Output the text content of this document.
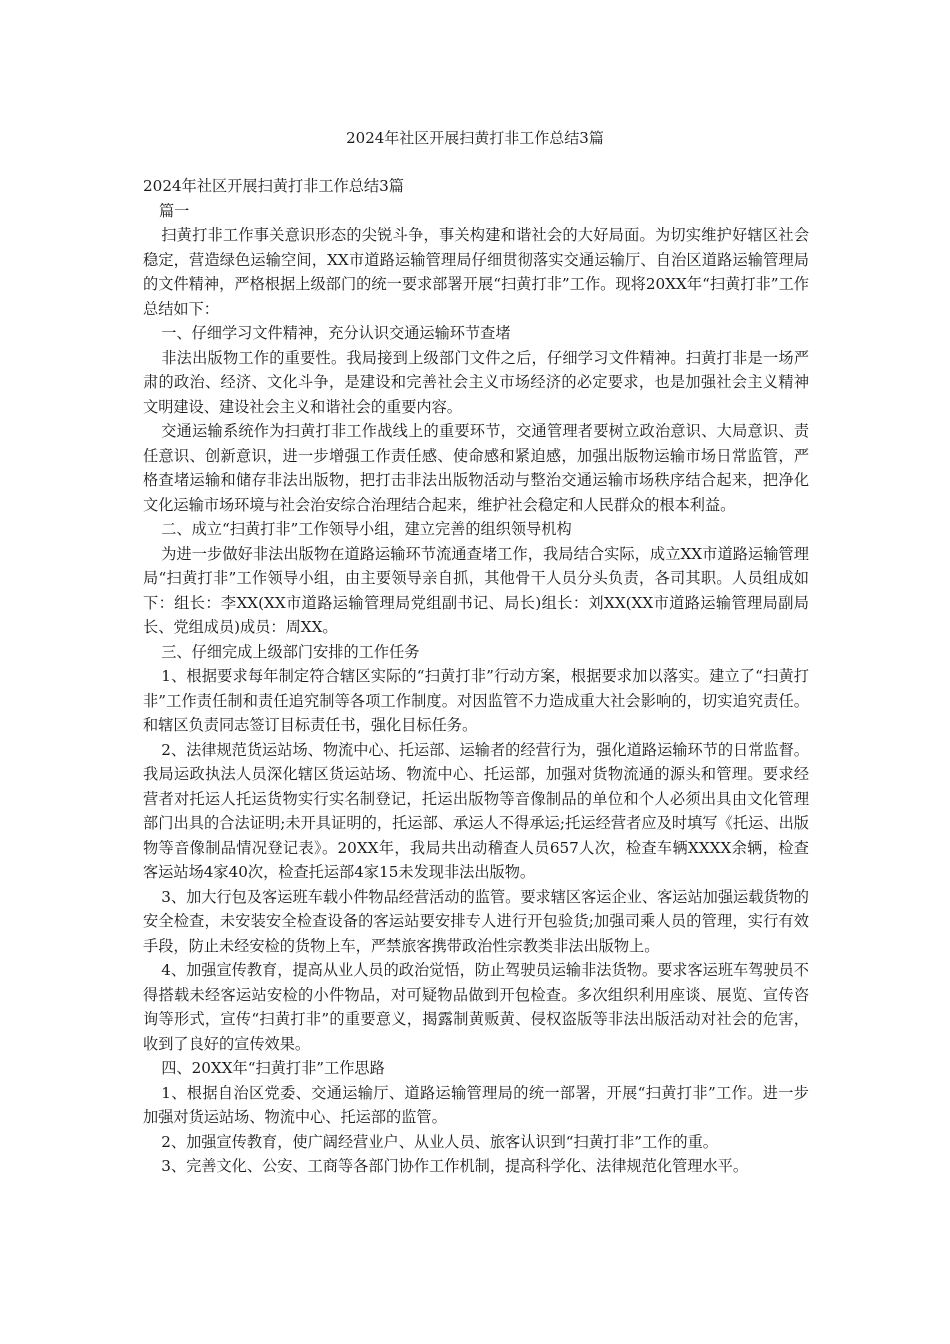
2024年社区开展扫黄打非工作总结3篇

2024年社区开展扫黄打非工作总结3篇

篇一

扫黄打非工作事关意识形态的尖锐斗争，事关构建和谐社会的大好局面。为切实维护好辖区社会稳定，营造绿色运输空间，XX市道路运输管理局仔细贯彻落实交通运输厅、自治区道路运输管理局的文件精神，严格根据上级部门的统一要求部署开展“扫黄打非”工作。现将20XX年“扫黄打非”工作总结如下：

一、仔细学习文件精神，充分认识交通运输环节查堵

非法出版物工作的重要性。我局接到上级部门文件之后，仔细学习文件精神。扫黄打非是一场严肃的政治、经济、文化斗争，是建设和完善社会主义市场经济的必定要求，也是加强社会主义精神文明建设、建设社会主义和谐社会的重要内容。

交通运输系统作为扫黄打非工作战线上的重要环节，交通管理者要树立政治意识、大局意识、责任意识、创新意识，进一步增强工作责任感、使命感和紧迫感，加强出版物运输市场日常监管，严格查堵运输和储存非法出版物，把打击非法出版物活动与整治交通运输市场秩序结合起来，把净化文化运输市场环境与社会治安综合治理结合起来，维护社会稳定和人民群众的根本利益。

二、成立“扫黄打非”工作领导小组，建立完善的组织领导机构

为进一步做好非法出版物在道路运输环节流通查堵工作，我局结合实际，成立XX市道路运输管理局“扫黄打非”工作领导小组，由主要领导亲自抓，其他骨干人员分头负责，各司其职。人员组成如下：组长：李XX(XX市道路运输管理局党组副书记、局长)组长：刘XX(XX市道路运输管理局副局长、党组成员)成员：周XX。

三、仔细完成上级部门安排的工作任务

1、根据要求每年制定符合辖区实际的“扫黄打非”行动方案，根据要求加以落实。建立了“扫黄打非”工作责任制和责任追究制等各项工作制度。对因监管不力造成重大社会影响的，切实追究责任。和辖区负责同志签订目标责任书，强化目标任务。

2、法律规范货运站场、物流中心、托运部、运输者的经营行为，强化道路运输环节的日常监督。我局运政执法人员深化辖区货运站场、物流中心、托运部，加强对货物流通的源头和管理。要求经营者对托运人托运货物实行实名制登记，托运出版物等音像制品的单位和个人必须出具由文化管理部门出具的合法证明;未开具证明的，托运部、承运人不得承运;托运经营者应及时填写《托运、出版物等音像制品情况登记表》。20XX年，我局共出动稽查人员657人次，检查车辆XXXX余辆，检查客运站场4家40次，检查托运部4家15未发现非法出版物。

3、加大行包及客运班车载小件物品经营活动的监管。要求辖区客运企业、客运站加强运载货物的安全检查，未安装安全检查设备的客运站要安排专人进行开包验货;加强司乘人员的管理，实行有效手段，防止未经安检的货物上车，严禁旅客携带政治性宗教类非法出版物上。

4、加强宣传教育，提高从业人员的政治觉悟，防止驾驶员运输非法货物。要求客运班车驾驶员不得搭载未经客运站安检的小件物品，对可疑物品做到开包检查。多次组织利用座谈、展览、宣传咨询等形式，宣传“扫黄打非”的重要意义，揭露制黄贩黄、侵权盗版等非法出版活动对社会的危害，收到了良好的宣传效果。

四、20XX年“扫黄打非”工作思路

1、根据自治区党委、交通运输厅、道路运输管理局的统一部署，开展“扫黄打非”工作。进一步加强对货运站场、物流中心、托运部的监管。

2、加强宣传教育，使广阔经营业户、从业人员、旅客认识到“扫黄打非”工作的重。

3、完善文化、公安、工商等各部门协作工作机制，提高科学化、法律规范化管理水平。
